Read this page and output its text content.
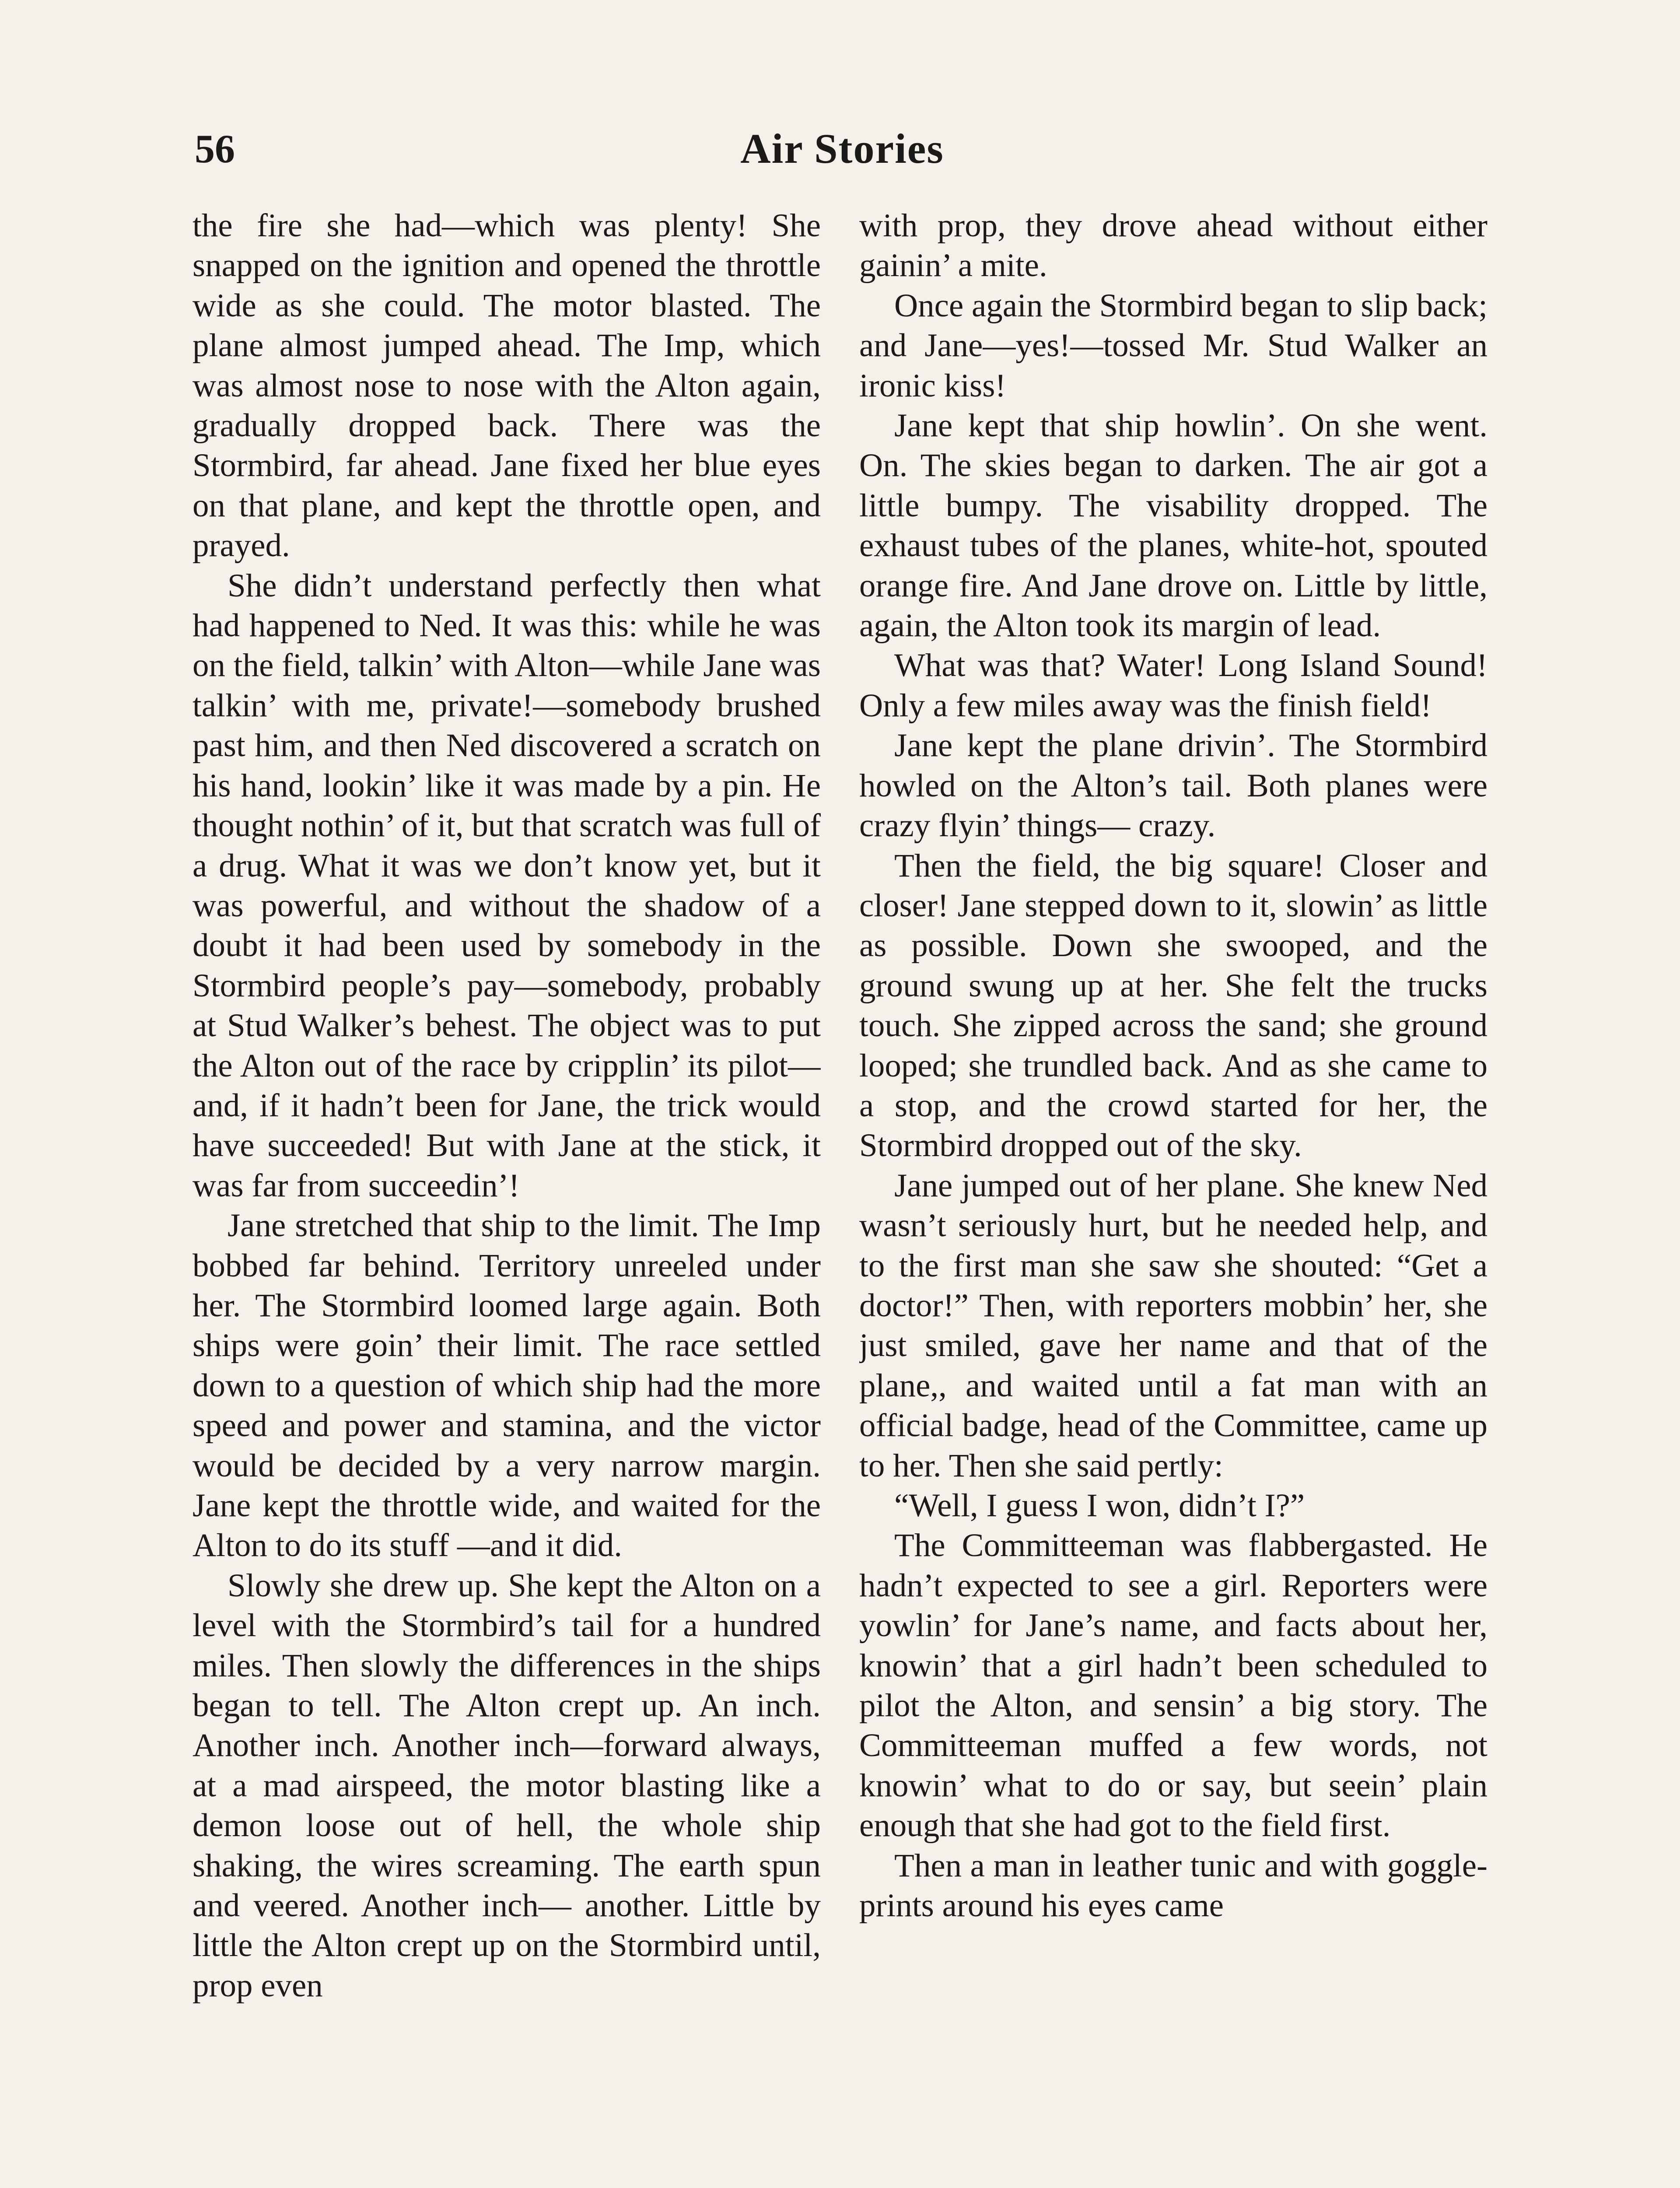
56	Air Stories

the fire she had—which was plenty! She snapped on the ignition and opened the throttle wide as she could. The motor blasted. The plane almost jumped ahead. The Imp, which was almost nose to nose with the Alton again, gradually dropped back. There was the Stormbird, far ahead. Jane fixed her blue eyes on that plane, and kept the throttle open, and prayed.

She didn’t understand perfectly then what had happened to Ned. It was this: while he was on the field, talkin’ with Alton—while Jane was talkin’ with me, private!—somebody brushed past him, and then Ned discovered a scratch on his hand, lookin’ like it was made by a pin. He thought nothin’ of it, but that scratch was full of a drug. What it was we don’t know yet, but it was powerful, and without the shadow of a doubt it had been used by somebody in the Stormbird people’s pay—somebody, probably at Stud Walker’s behest. The object was to put the Alton out of the race by cripplin’ its pilot—and, if it hadn’t been for Jane, the trick would have succeeded! But with Jane at the stick, it was far from succeedin’!

Jane stretched that ship to the limit. The Imp bobbed far behind. Territory unreeled under her. The Stormbird loomed large again. Both ships were goin’ their limit. The race settled down to a question of which ship had the more speed and power and stamina, and the victor would be decided by a very narrow margin. Jane kept the throttle wide, and waited for the Alton to do its stuff —and it did.

Slowly she drew up. She kept the Alton on a level with the Stormbird’s tail for a hundred miles. Then slowly the differences in the ships began to tell. The Alton crept up. An inch. Another inch. Another inch—forward always, at a mad airspeed, the motor blasting like a demon loose out of hell, the whole ship shaking, the wires screaming. The earth spun and veered. Another inch— another. Little by little the Alton crept up on the Stormbird until, prop even

with prop, they drove ahead without either gainin’ a mite.

Once again the Stormbird began to slip back; and Jane—yes!—tossed Mr. Stud Walker an ironic kiss!

Jane kept that ship howlin’. On she went. On. The skies began to darken. The air got a little bumpy. The visability dropped. The exhaust tubes of the planes, white-hot, spouted orange fire. And Jane drove on. Little by little, again, the Alton took its margin of lead.

What was that? Water! Long Island Sound! Only a few miles away was the finish field!

Jane kept the plane drivin’. The Stormbird howled on the Alton’s tail. Both planes were crazy flyin’ things— crazy.

Then the field, the big square! Closer and closer! Jane stepped down to it, slowin’ as little as possible. Down she swooped, and the ground swung up at her. She felt the trucks touch. She zipped across the sand; she ground looped; she trundled back. And as she came to a stop, and the crowd started for her, the Stormbird dropped out of the sky.

Jane jumped out of her plane. She knew Ned wasn’t seriously hurt, but he needed help, and to the first man she saw she shouted: “Get a doctor!” Then, with reporters mobbin’ her, she just smiled, gave her name and that of the plane,, and waited until a fat man with an official badge, head of the Committee, came up to her. Then she said pertly:

“Well, I guess I won, didn’t I?”

The Committeeman was flabbergasted. He hadn’t expected to see a girl. Reporters were yowlin’ for Jane’s name, and facts about her, knowin’ that a girl hadn’t been scheduled to pilot the Alton, and sensin’ a big story. The Committeeman muffed a few words, not knowin’ what to do or say, but seein’ plain enough that she had got to the field first.

Then a man in leather tunic and with goggle-prints around his eyes came
